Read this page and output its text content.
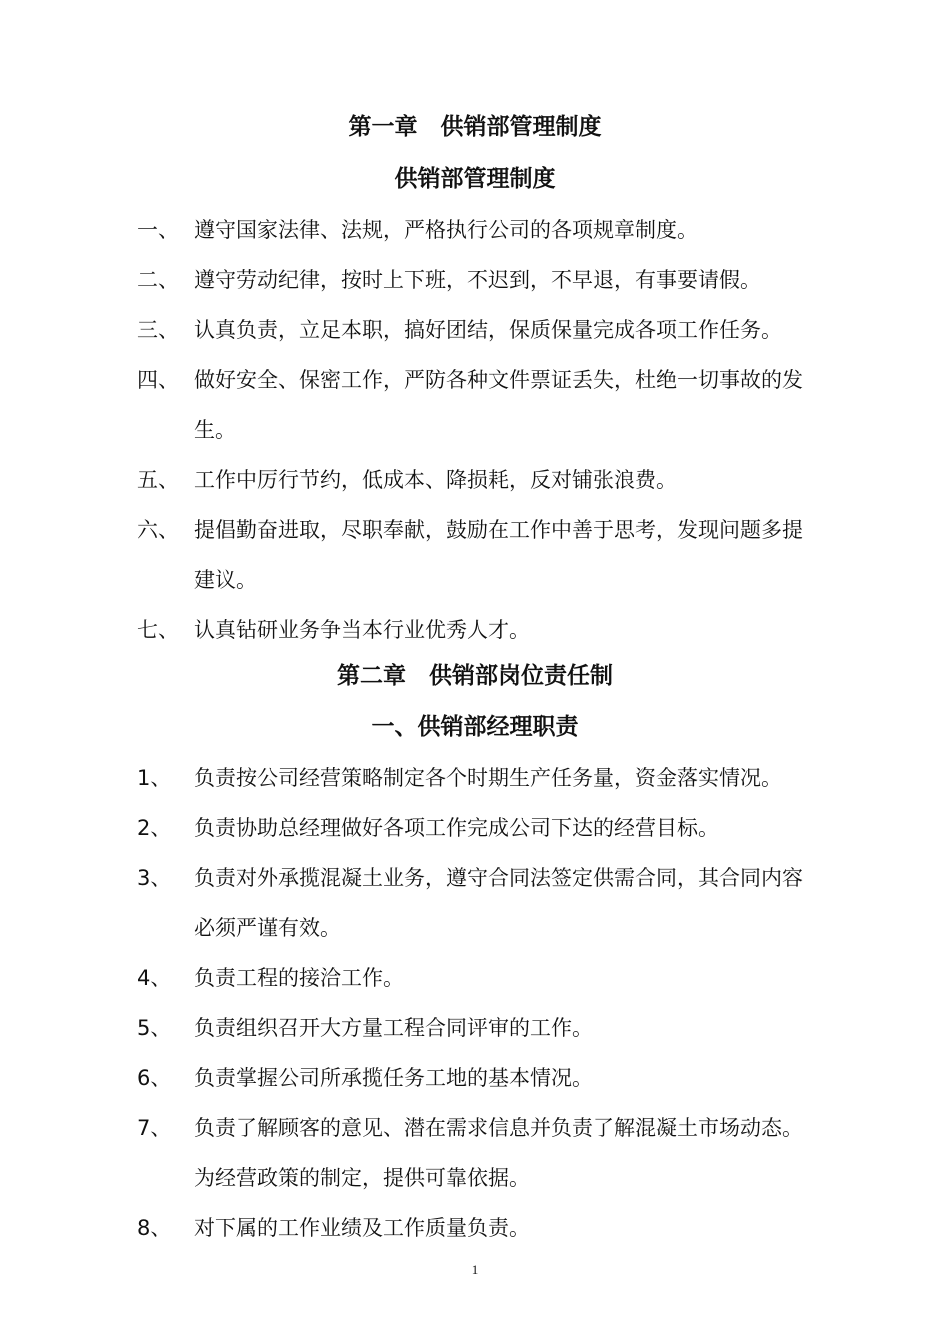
第一章　供销部管理制度
供销部管理制度
一、 遵守国家法律、法规，严格执行公司的各项规章制度。
二、 遵守劳动纪律，按时上下班，不迟到，不早退，有事要请假。
三、 认真负责，立足本职，搞好团结，保质保量完成各项工作任务。
四、 做好安全、保密工作，严防各种文件票证丢失，杜绝一切事故的发
生。
五、 工作中厉行节约，低成本、降损耗，反对铺张浪费。
六、 提倡勤奋进取，尽职奉献，鼓励在工作中善于思考，发现问题多提
建议。
七、 认真钻研业务争当本行业优秀人才。
第二章　供销部岗位责任制
一、供销部经理职责
1、 负责按公司经营策略制定各个时期生产任务量，资金落实情况。
2、 负责协助总经理做好各项工作完成公司下达的经营目标。
3、 负责对外承揽混凝土业务，遵守合同法签定供需合同，其合同内容
必须严谨有效。
4、 负责工程的接洽工作。
5、 负责组织召开大方量工程合同评审的工作。
6、 负责掌握公司所承揽任务工地的基本情况。
7、 负责了解顾客的意见、潜在需求信息并负责了解混凝土市场动态。
为经营政策的制定，提供可靠依据。
8、 对下属的工作业绩及工作质量负责。
1
